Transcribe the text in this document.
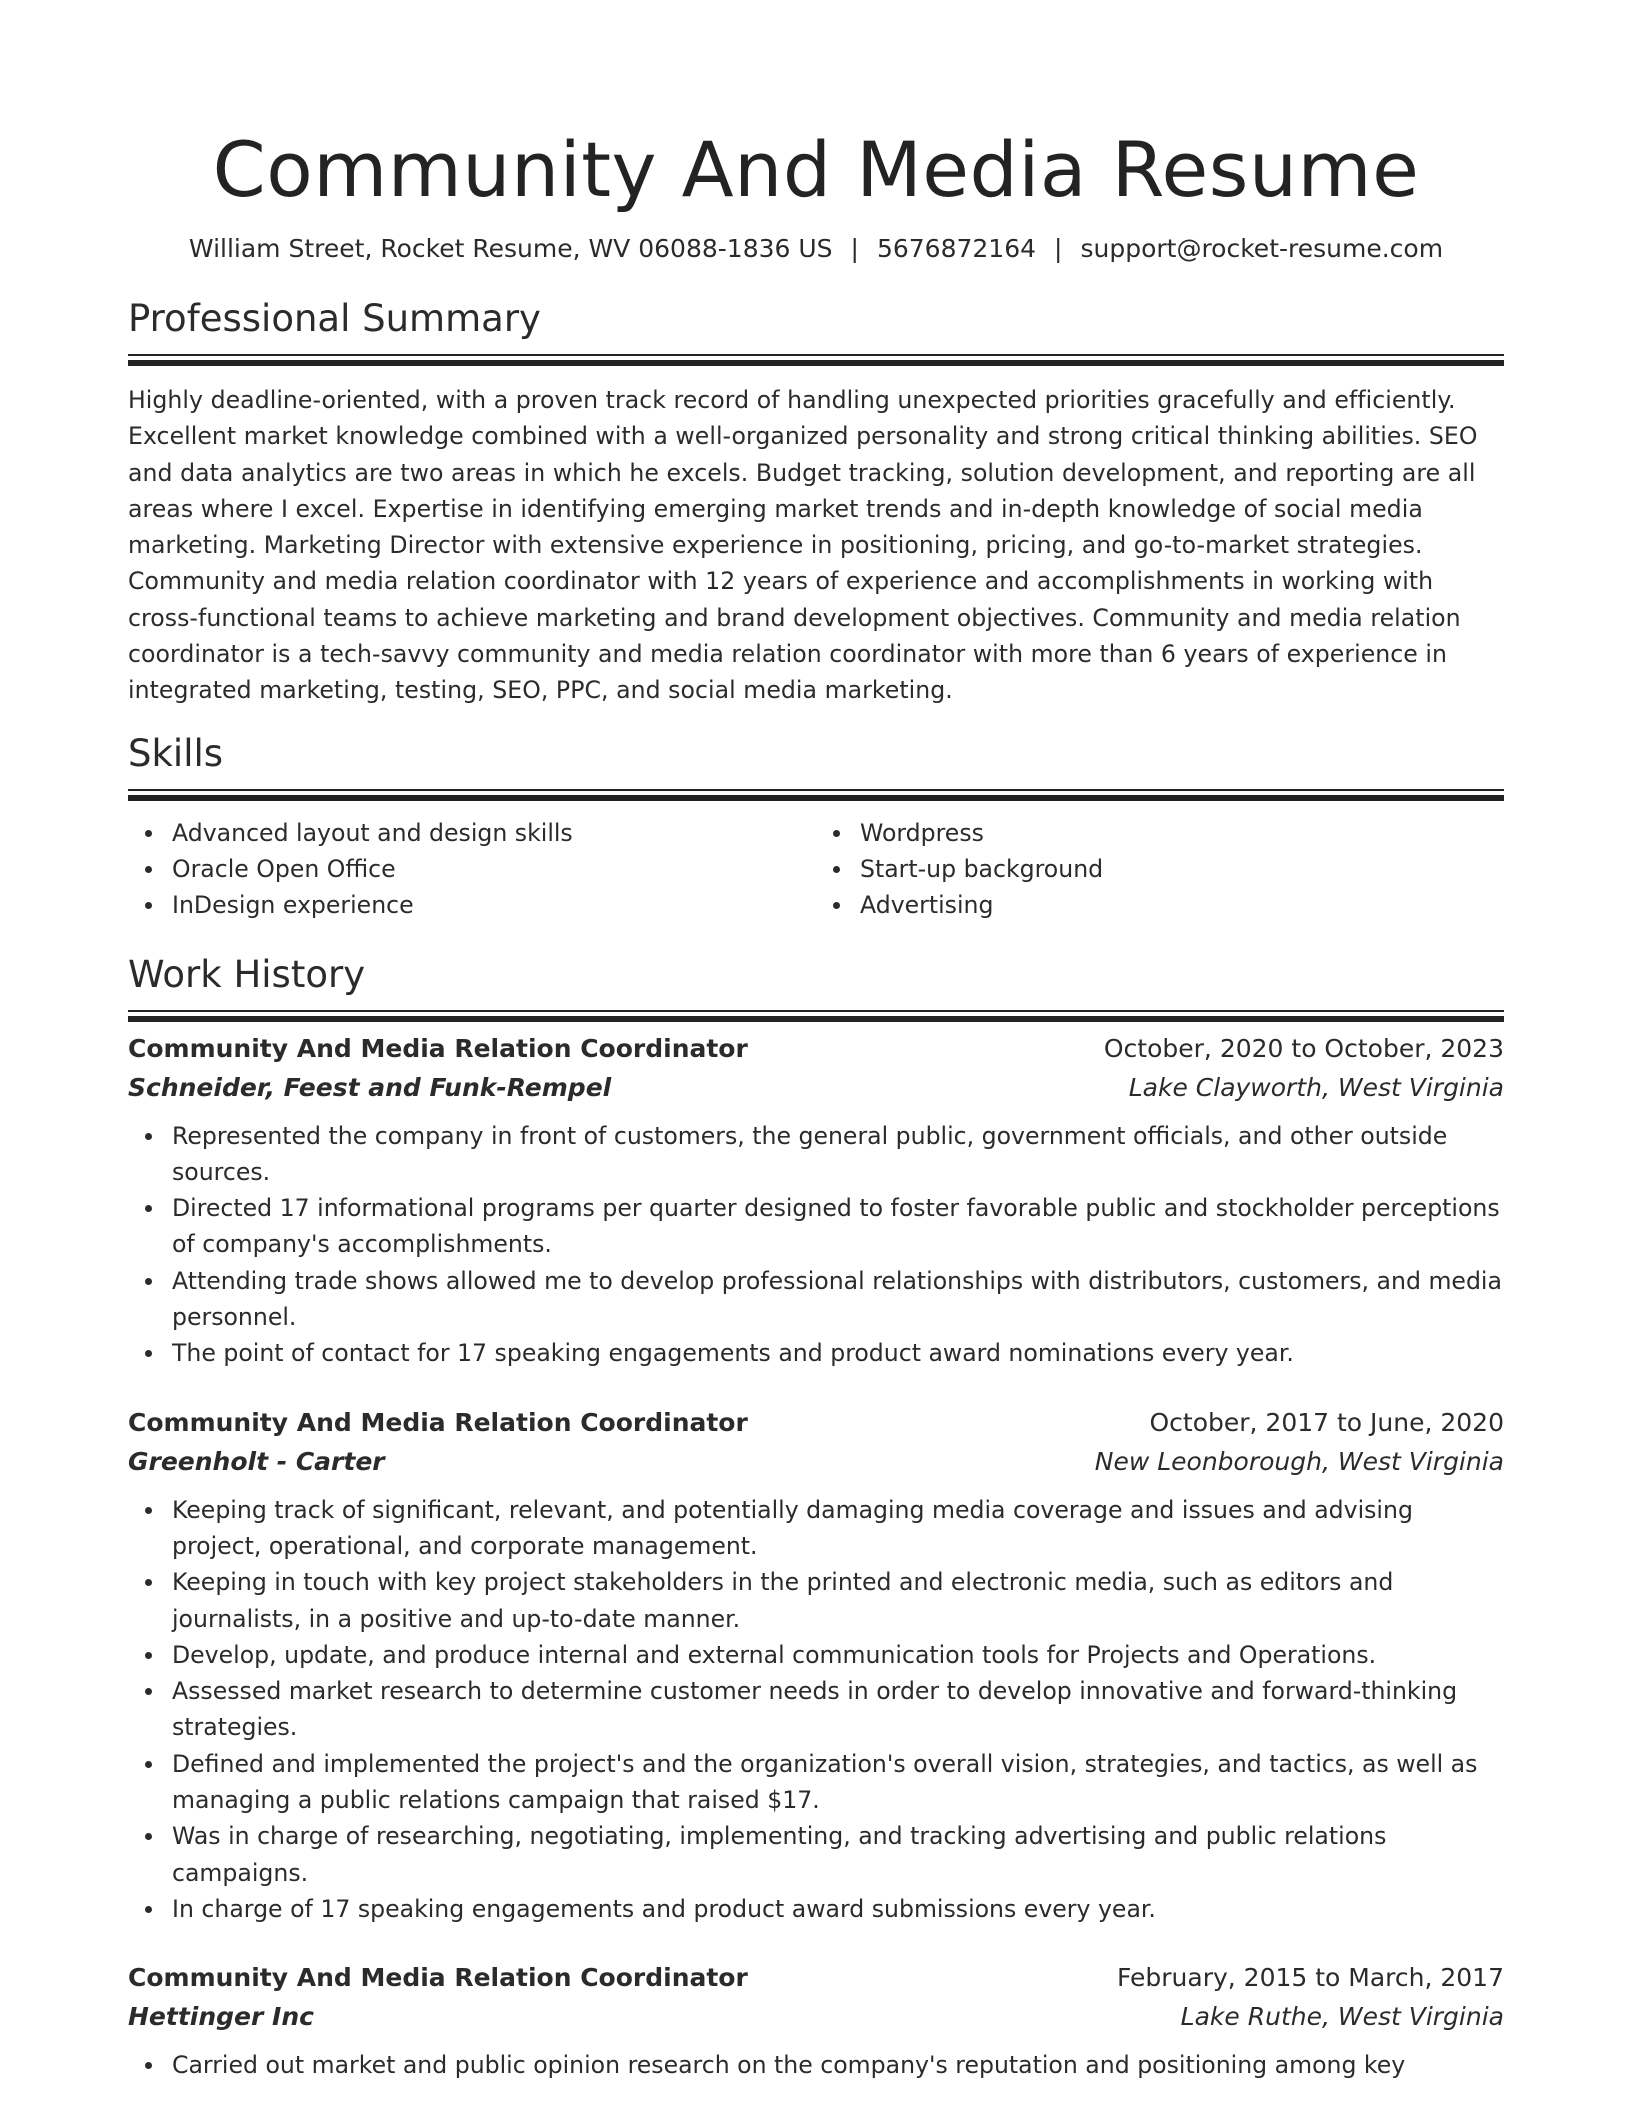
Community And Media Resume
William Street, Rocket Resume, WV 06088-1836 US | 5676872164 | support@rocket-resume.com
Professional Summary

Highly deadline-oriented, with a proven track record of handling unexpected priorities gracefully and efficiently. Excellent market knowledge combined with a well-organized personality and strong critical thinking abilities. SEO and data analytics are two areas in which he excels. Budget tracking, solution development, and reporting are all areas where I excel. Expertise in identifying emerging market trends and in-depth knowledge of social media marketing. Marketing Director with extensive experience in positioning, pricing, and go-to-market strategies. Community and media relation coordinator with 12 years of experience and accomplishments in working with cross-functional teams to achieve marketing and brand development objectives. Community and media relation coordinator is a tech-savvy community and media relation coordinator with more than 6 years of experience in integrated marketing, testing, SEO, PPC, and social media marketing.

Skills
Advanced layout and design skills
Oracle Open Office
InDesign experience
Wordpress
Start-up background
Advertising
Work History
Community And Media Relation Coordinator	October, 2020 to October, 2023
Schneider, Feest and Funk-Rempel	Lake Clayworth, West Virginia
Represented the company in front of customers, the general public, government officials, and other outside sources.
Directed 17 informational programs per quarter designed to foster favorable public and stockholder perceptions of company's accomplishments.
Attending trade shows allowed me to develop professional relationships with distributors, customers, and media personnel.
The point of contact for 17 speaking engagements and product award nominations every year.
Community And Media Relation Coordinator	October, 2017 to June, 2020
Greenholt - Carter	New Leonborough, West Virginia
Keeping track of significant, relevant, and potentially damaging media coverage and issues and advising project, operational, and corporate management.
Keeping in touch with key project stakeholders in the printed and electronic media, such as editors and journalists, in a positive and up-to-date manner.
Develop, update, and produce internal and external communication tools for Projects and Operations.
Assessed market research to determine customer needs in order to develop innovative and forward-thinking strategies.
Defined and implemented the project's and the organization's overall vision, strategies, and tactics, as well as managing a public relations campaign that raised $17.
Was in charge of researching, negotiating, implementing, and tracking advertising and public relations campaigns.
In charge of 17 speaking engagements and product award submissions every year.
Community And Media Relation Coordinator	February, 2015 to March, 2017
Hettinger Inc	Lake Ruthe, West Virginia
Carried out market and public opinion research on the company's reputation and positioning among key
